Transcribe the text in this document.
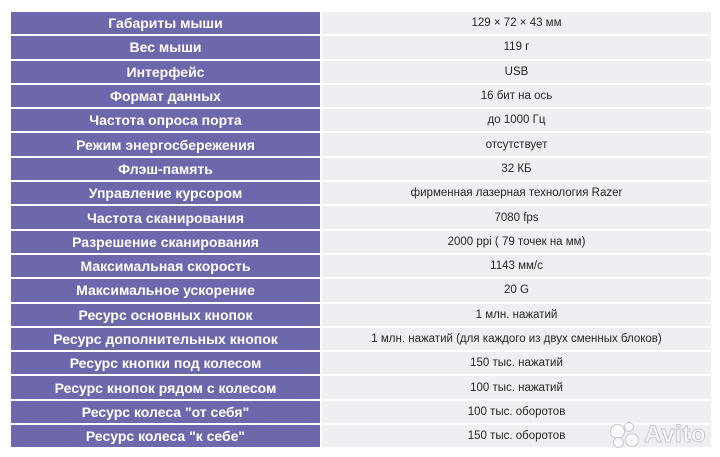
Габариты мыши	129 × 72 × 43 мм
Вес мыши	119 г
Интерфейс	USB
Формат данных	16 бит на ось
Частота опроса порта	до 1000 Гц
Режим энергосбережения	отсутствует
Флэш-память	32 КБ
Управление курсором	фирменная лазерная технология Razer
Частота сканирования	7080 fps
Разрешение сканирования	2000 ppi ( 79 точек на мм)
Максимальная скорость	1143 мм/с
Максимальное ускорение	20 G
Ресурс основных кнопок	1 млн. нажатий
Ресурс дополнительных кнопок	1 млн. нажатий (для каждого из двух сменных блоков)
Ресурс кнопки под колесом	150 тыс. нажатий
Ресурс кнопок рядом с колесом	100 тыс. нажатий
Ресурс колеса "от себя"	100 тыс. оборотов
Ресурс колеса "к себе"	150 тыс. оборотов	Avito
